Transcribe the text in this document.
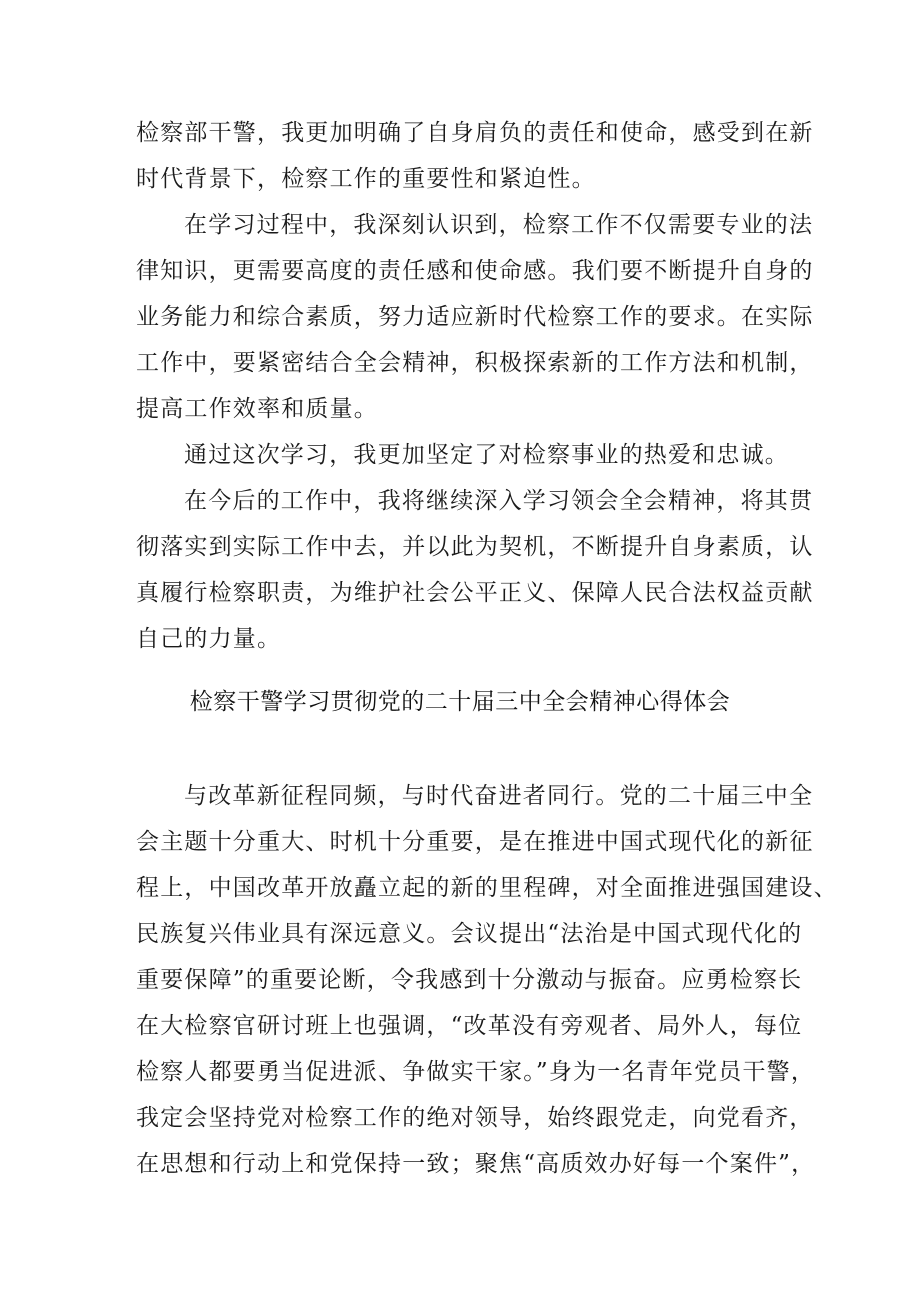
检察部干警，我更加明确了自身肩负的责任和使命，感受到在新
时代背景下，检察工作的重要性和紧迫性。
在学习过程中，我深刻认识到，检察工作不仅需要专业的法
律知识，更需要高度的责任感和使命感。我们要不断提升自身的
业务能力和综合素质，努力适应新时代检察工作的要求。在实际
工作中，要紧密结合全会精神，积极探索新的工作方法和机制，
提高工作效率和质量。
通过这次学习，我更加坚定了对检察事业的热爱和忠诚。
在今后的工作中，我将继续深入学习领会全会精神，将其贯
彻落实到实际工作中去，并以此为契机，不断提升自身素质，认
真履行检察职责，为维护社会公平正义、保障人民合法权益贡献
自己的力量。
检察干警学习贯彻党的二十届三中全会精神心得体会
与改革新征程同频，与时代奋进者同行。党的二十届三中全
会主题十分重大、时机十分重要，是在推进中国式现代化的新征
程上，中国改革开放矗立起的新的里程碑，对全面推进强国建设、
民族复兴伟业具有深远意义。会议提出“法治是中国式现代化的
重要保障”的重要论断，令我感到十分激动与振奋。应勇检察长
在大检察官研讨班上也强调，“改革没有旁观者、局外人，每位
检察人都要勇当促进派、争做实干家。”身为一名青年党员干警，
我定会坚持党对检察工作的绝对领导，始终跟党走，向党看齐，
在思想和行动上和党保持一致；聚焦“高质效办好每一个案件”，
